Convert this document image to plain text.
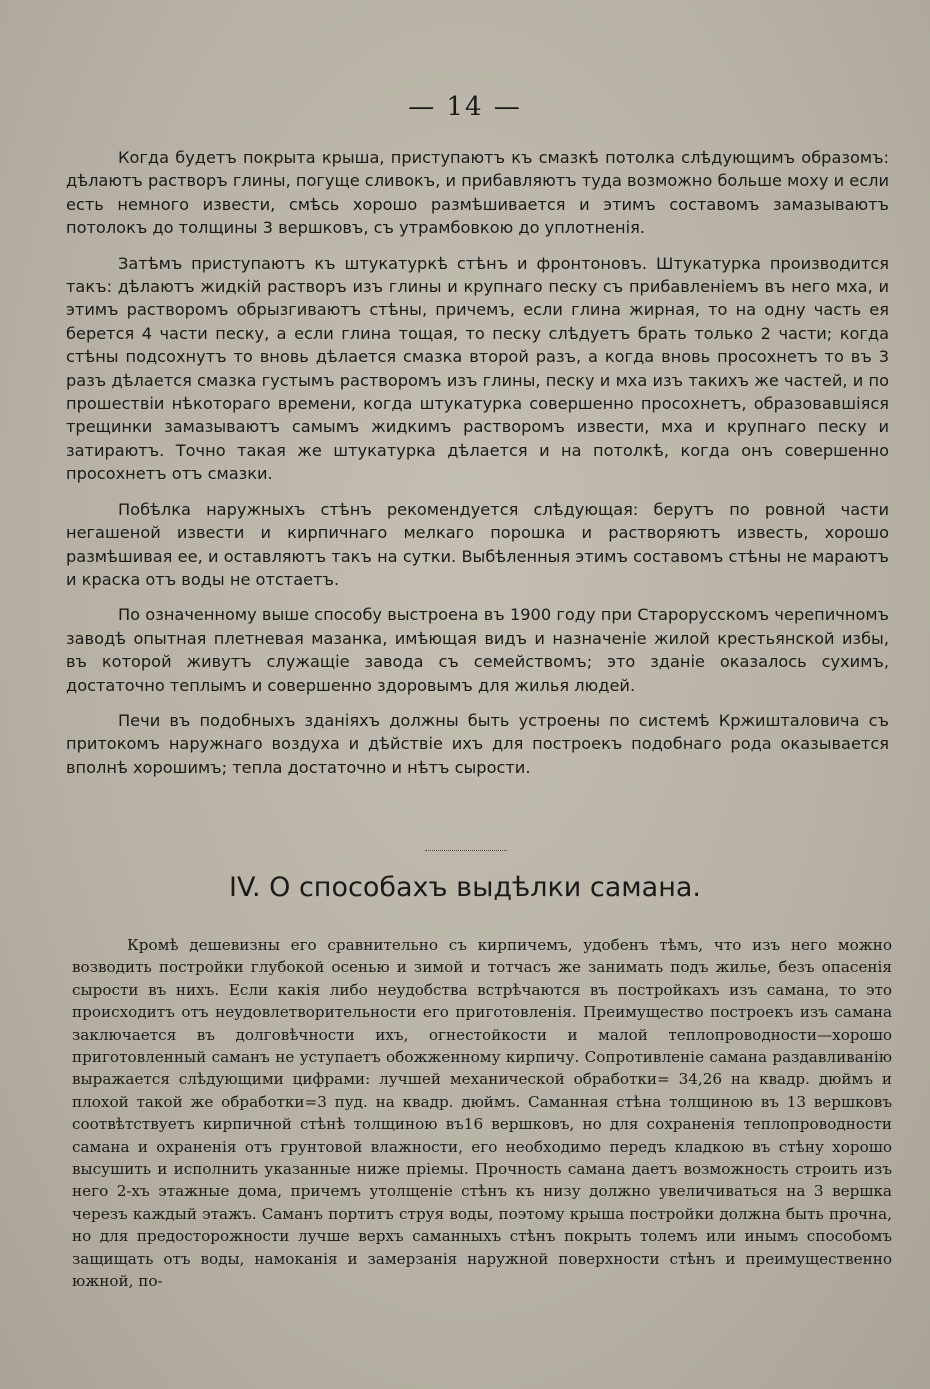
— 14 —

Когда будетъ покрыта крыша, приступаютъ къ смазкѣ потолка слѣдующимъ образомъ: дѣлаютъ растворъ глины, погуще сливокъ, и прибавляютъ туда возможно больше моху и если есть немного извести, смѣсь хорошо размѣшивается и этимъ составомъ замазываютъ потолокъ до толщины 3 вершковъ, съ утрамбовкою до уплотненія.

Затѣмъ приступаютъ къ штукатуркѣ стѣнъ и фронтоновъ. Штукатурка производится такъ: дѣлаютъ жидкій растворъ изъ глины и крупнаго песку съ прибавленіемъ въ него мха, и этимъ растворомъ обрызгиваютъ стѣны, причемъ, если глина жирная, то на одну часть ея берется 4 части песку, а если глина тощая, то песку слѣдуетъ брать только 2 части; когда стѣны подсохнутъ то вновь дѣлается смазка второй разъ, а когда вновь просохнетъ то въ 3 разъ дѣлается смазка густымъ растворомъ изъ глины, песку и мха изъ такихъ же частей, и по прошествіи нѣкотораго времени, когда штукатурка совершенно просохнетъ, образовавшіяся трещинки замазываютъ самымъ жидкимъ растворомъ извести, мха и крупнаго песку и затираютъ. Точно такая же штукатурка дѣлается и на потолкѣ, когда онъ совершенно просохнетъ отъ смазки.

Побѣлка наружныхъ стѣнъ рекомендуется слѣдующая: берутъ по ровной части негашеной извести и кирпичнаго мелкаго порошка и растворяютъ известь, хорошо размѣшивая ее, и оставляютъ такъ на сутки. Выбѣленныя этимъ составомъ стѣны не мараютъ и краска отъ воды не отстаетъ.

По означенному выше способу выстроена въ 1900 году при Старорусскомъ черепичномъ заводѣ опытная плетневая мазанка, имѣющая видъ и назначеніе жилой крестьянской избы, въ которой живутъ служащіе завода съ семействомъ; это зданіе оказалось сухимъ, достаточно теплымъ и совершенно здоровымъ для жилья людей.

Печи въ подобныхъ зданіяхъ должны быть устроены по системѣ Кржишталовича съ притокомъ наружнаго воздуха и дѣйствіе ихъ для построекъ подобнаго рода оказывается вполнѣ хорошимъ; тепла достаточно и нѣтъ сырости.

IV. О способахъ выдѣлки самана.

Кромѣ дешевизны его сравнительно съ кирпичемъ, удобенъ тѣмъ, что изъ него можно возводить постройки глубокой осенью и зимой и тотчасъ же занимать подъ жилье, безъ опасенія сырости въ нихъ. Если какія либо неудобства встрѣчаются въ постройкахъ изъ самана, то это происходитъ отъ неудовлетворительности его приготовленія. Преимущество построекъ изъ самана заключается въ долговѣчности ихъ, огнестойкости и малой теплопроводности—хорошо приготовленный саманъ не уступаетъ обожженному кирпичу. Сопротивленіе самана раздавливанію выражается слѣдующими цифрами: лучшей механической обработки= 34,26 на квадр. дюймъ и плохой такой же обработки=3 пуд. на квадр. дюймъ. Саманная стѣна толщиною въ 13 вершковъ соотвѣтствуетъ кирпичной стѣнѣ толщиною въ16 вершковъ, но для сохраненія теплопроводности самана и охраненія отъ грунтовой влажности, его необходимо передъ кладкою въ стѣну хорошо высушить и исполнить указанные ниже пріемы. Прочность самана даетъ возможность строить изъ него 2-хъ этажные дома, причемъ утолщеніе стѣнъ къ низу должно увеличиваться на 3 вершка черезъ каждый этажъ. Саманъ портитъ струя воды, поэтому крыша постройки должна быть прочна, но для предосторожности лучше верхъ саманныхъ стѣнъ покрыть толемъ или инымъ способомъ защищать отъ воды, намоканія и замерзанія наружной поверхности стѣнъ и преимущественно южной, по-
